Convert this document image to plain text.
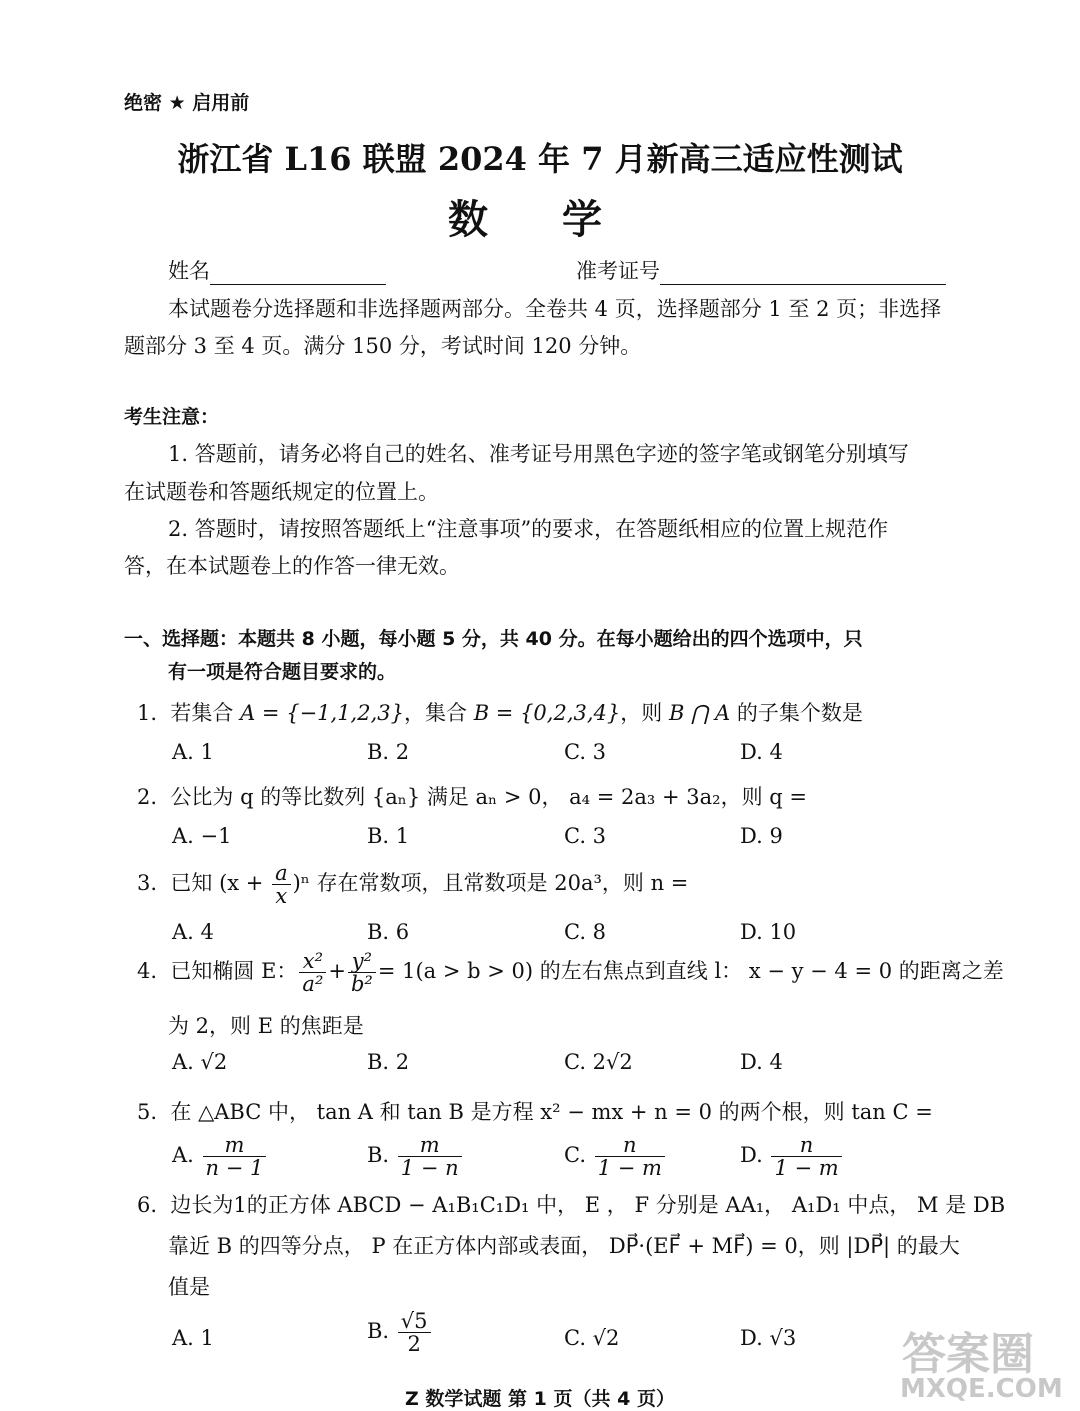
绝密 ★ 启用前
浙江省 L16 联盟 2024 年 7 月新高三适应性测试
数 学
姓名	准考证号
本试题卷分选择题和非选择题两部分。全卷共 4 页，选择题部分 1 至 2 页；非选择
题部分 3 至 4 页。满分 150 分，考试时间 120 分钟。
考生注意：
1. 答题前，请务必将自己的姓名、准考证号用黑色字迹的签字笔或钢笔分别填写
在试题卷和答题纸规定的位置上。
2. 答题时，请按照答题纸上“注意事项”的要求，在答题纸相应的位置上规范作
答，在本试题卷上的作答一律无效。
一、选择题：本题共 8 小题，每小题 5 分，共 40 分。在每小题给出的四个选项中，只
有一项是符合题目要求的。
1. 若集合 A = {−1,1,2,3}，集合 B = {0,2,3,4}，则 B ⋂ A 的子集个数是
A. 1	B. 2	C. 3	D. 4
2. 公比为 q 的等比数列 {aₙ} 满足 aₙ > 0， a₄ = 2a₃ + 3a₂，则 q =
A. −1	B. 1	C. 3	D. 9
3. 已知 $(x + \frac{a}{x} )^n$ 存在常数项，且常数项是 20a³，则 n =
A. 4	B. 6	C. 8	D. 10
4. 已知椭圆 E： $\frac{\text{x²}}{\text{a²}} + \frac{\text{y²}}{\text{b²}} = 1(a > b > 0)$ 的左右焦点到直线 l： x − y − 4 = 0 的距离之差
为 2，则 E 的焦距是
A. √2	B. 2	C. 2√2	D. 4
5. 在 △ABC 中， tan A 和 tan B 是方程 x² − mx + n = 0 的两个根，则 tan C =
A. $\frac{m}{n - 1}$	B. $\frac{m}{1 - n}$	C. $\frac{n}{1 - m}$	D. $\frac{n}{1 - m}$
6. 边长为1的正方体 ABCD − A₁B₁C₁D₁ 中， E ， F 分别是 AA₁， A₁D₁ 中点， M 是 DB
靠近 B 的四等分点， P 在正方体内部或表面， DP⃗·(EF⃗ + MF⃗) = 0，则 |DP⃗| 的最大
值是
A. 1	B. $\frac{√5}{2}$	C. √2	D. √3
Z 数学试题 第 1 页（共 4 页）
答案圈
MXQE.COM
